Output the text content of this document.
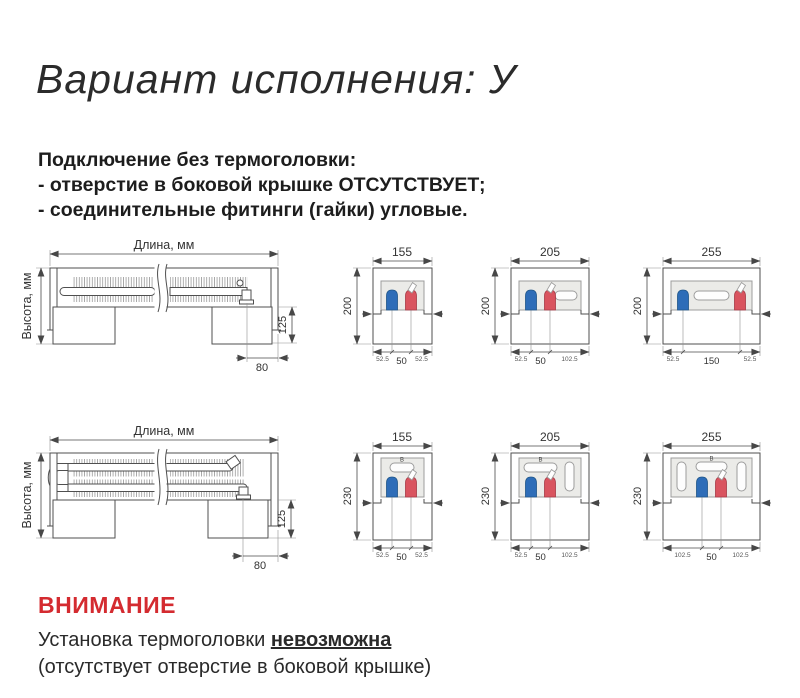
Вариант исполнения: У
Подключение без термоголовки:
- отверстие в боковой крышке ОТСУТСТВУЕТ;
- соединительные фитинги (гайки) угловые.
Длина, мм
Высота, мм	125
80
155
200
52.5 50 52.5
205
200
52.5 50 102.5
255
200
52.5	150	52.5
Длина, мм
Высота, мм	125
80
155
230
В
52.5 50 52.5
205
230
В
52.5 50 102.5
255
230
В
102.5 50 102.5
ВНИМАНИЕ
Установка термоголовки невозможна
(отсутствует отверстие в боковой крышке)
